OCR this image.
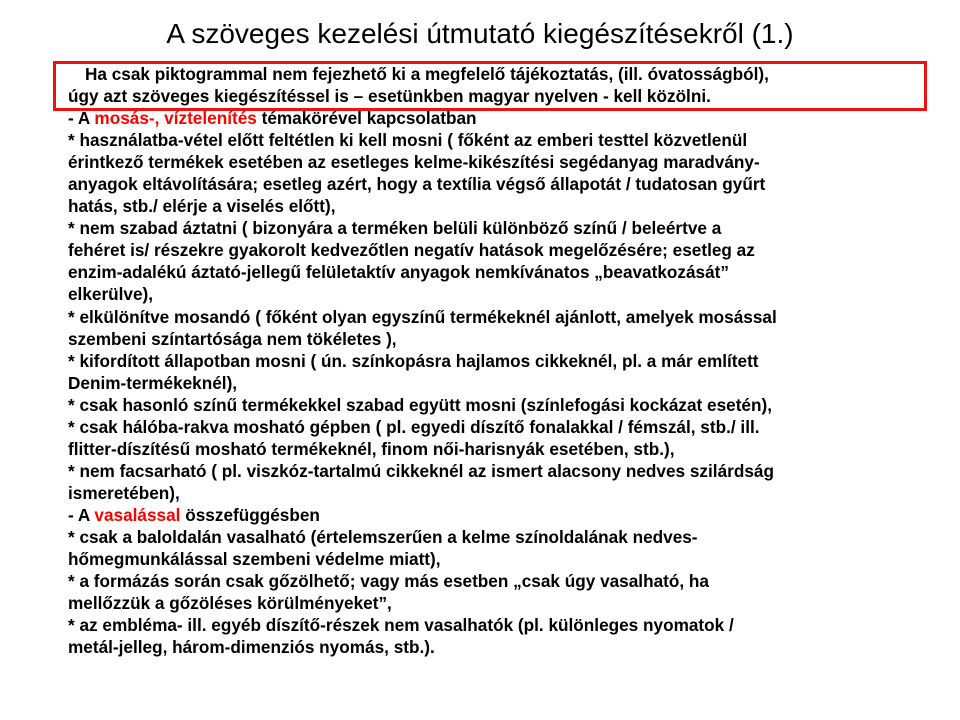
A szöveges kezelési útmutató kiegészítésekről (1.)
Ha csak piktogrammal nem fejezhető ki a megfelelő tájékoztatás, (ill. óvatosságból),
úgy azt szöveges kiegészítéssel is – esetünkben magyar nyelven - kell közölni.
- A mosás-, víztelenítés témakörével kapcsolatban
* használatba-vétel előtt feltétlen ki kell mosni ( főként az emberi testtel közvetlenül
érintkező termékek esetében az esetleges kelme-kikészítési segédanyag maradvány-
anyagok eltávolítására; esetleg azért, hogy a textília végső állapotát / tudatosan gyűrt
hatás, stb./ elérje a viselés előtt),
* nem szabad áztatni ( bizonyára a terméken belüli különböző színű / beleértve a
fehéret is/ részekre gyakorolt kedvezőtlen negatív hatások megelőzésére; esetleg az
enzim-adalékú áztató-jellegű felületaktív anyagok nemkívánatos „beavatkozását”
elkerülve),
* elkülönítve mosandó ( főként olyan egyszínű termékeknél ajánlott, amelyek mosással
szembeni színtartósága nem tökéletes ),
* kifordított állapotban mosni ( ún. színkopásra hajlamos cikkeknél, pl. a már említett
Denim-termékeknél),
* csak hasonló színű termékekkel szabad együtt mosni (színlefogási kockázat esetén),
* csak hálóba-rakva mosható gépben ( pl. egyedi díszítő fonalakkal / fémszál, stb./ ill.
flitter-díszítésű mosható termékeknél, finom női-harisnyák esetében, stb.),
* nem facsarható ( pl. viszkóz-tartalmú cikkeknél az ismert alacsony nedves szilárdság
ismeretében),
- A vasalással összefüggésben
* csak a baloldalán vasalható (értelemszerűen a kelme színoldalának nedves-
hőmegmunkálással szembeni védelme miatt),
* a formázás során csak gőzölhető; vagy más esetben „csak úgy vasalható, ha
mellőzzük a gőzöléses körülményeket”,
* az embléma- ill. egyéb díszítő-részek nem vasalhatók (pl. különleges nyomatok /
metál-jelleg, három-dimenziós nyomás, stb.).
